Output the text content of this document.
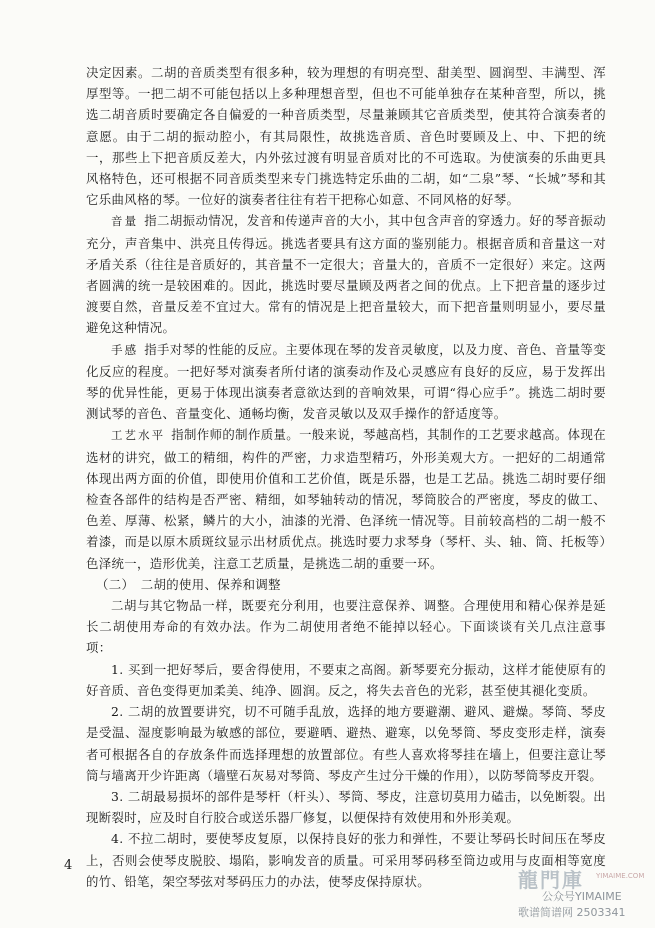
决定因素。二胡的音质类型有很多种，较为理想的有明亮型、甜美型、圆润型、丰满型、浑厚型等。一把二胡不可能包括以上多种理想音型，但也不可能单独存在某种音型，所以，挑选二胡音质时要确定各自偏爱的一种音质类型，尽量兼顾其它音质类型，使其符合演奏者的意愿。由于二胡的振动腔小，有其局限性，故挑选音质、音色时要顾及上、中、下把的统一，那些上下把音质反差大，内外弦过渡有明显音质对比的不可选取。为使演奏的乐曲更具风格特色，还可根据不同音质类型来专门挑选特定乐曲的二胡，如“二泉”琴、“长城”琴和其它乐曲风格的琴。一位好的演奏者往往有若干把称心如意、不同风格的好琴。

音量 指二胡振动情况，发音和传递声音的大小，其中包含声音的穿透力。好的琴音振动充分，声音集中、洪亮且传得远。挑选者要具有这方面的鉴别能力。根据音质和音量这一对矛盾关系（往往是音质好的，其音量不一定很大；音量大的，音质不一定很好）来定。这两者圆满的统一是较困难的。因此，挑选时要尽量顾及两者之间的优点。上下把音量的逐步过渡要自然，音量反差不宜过大。常有的情况是上把音量较大，而下把音量则明显小，要尽量避免这种情况。

手感 指手对琴的性能的反应。主要体现在琴的发音灵敏度，以及力度、音色、音量等变化反应的程度。一把好琴对演奏者所付诸的演奏动作及心灵感应有良好的反应，易于发挥出琴的优异性能，更易于体现出演奏者意欲达到的音响效果，可谓“得心应手”。挑选二胡时要测试琴的音色、音量变化、通畅均衡，发音灵敏以及双手操作的舒适度等。

工艺水平 指制作师的制作质量。一般来说，琴越高档，其制作的工艺要求越高。体现在选材的讲究，做工的精细，构件的严密，力求造型精巧，外形美观大方。一把好的二胡通常体现出两方面的价值，即使用价值和工艺价值，既是乐器，也是工艺品。挑选二胡时要仔细检查各部件的结构是否严密、精细，如琴轴转动的情况，琴筒胶合的严密度，琴皮的做工、色差、厚薄、松紧，鳞片的大小，油漆的光滑、色泽统一情况等。目前较高档的二胡一般不着漆，而是以原木质斑纹显示出材质优点。挑选时要力求琴身（琴杆、头、轴、筒、托板等）色泽统一，造形优美，注意工艺质量，是挑选二胡的重要一环。

（二）　二胡的使用、保养和调整

二胡与其它物品一样，既要充分利用，也要注意保养、调整。合理使用和精心保养是延长二胡使用寿命的有效办法。作为二胡使用者绝不能掉以轻心。下面谈谈有关几点注意事项：

1. 买到一把好琴后，要舍得使用，不要束之高阁。新琴要充分振动，这样才能使原有的好音质、音色变得更加柔美、纯净、圆润。反之，将失去音色的光彩，甚至使其褪化变质。

2. 二胡的放置要讲究，切不可随手乱放，选择的地方要避潮、避风、避燥。琴筒、琴皮是受温、湿度影响最为敏感的部位，要避晒、避热、避寒，以免琴筒、琴皮变形走样，演奏者可根据各自的存放条件而选择理想的放置部位。有些人喜欢将琴挂在墙上，但要注意让琴筒与墙离开少许距离（墙壁石灰易对琴筒、琴皮产生过分干燥的作用），以防琴筒琴皮开裂。

3. 二胡最易损坏的部件是琴杆（杆头）、琴筒、琴皮，注意切莫用力磕击，以免断裂。出现断裂时，应及时自行胶合或送乐器厂修复，以便保持有效使用和外形美观。

4. 不拉二胡时，要使琴皮复原，以保持良好的张力和弹性，不要让琴码长时间压在琴皮上，否则会使琴皮脱胶、塌陷，影响发音的质量。可采用琴码移至筒边或用与皮面相等宽度的竹、铅笔，架空琴弦对琴码压力的办法，使琴皮保持原状。

4
龍門庫 YIMAIME.COM
公众号YIMAIME
歌谱简谱网 2503341
